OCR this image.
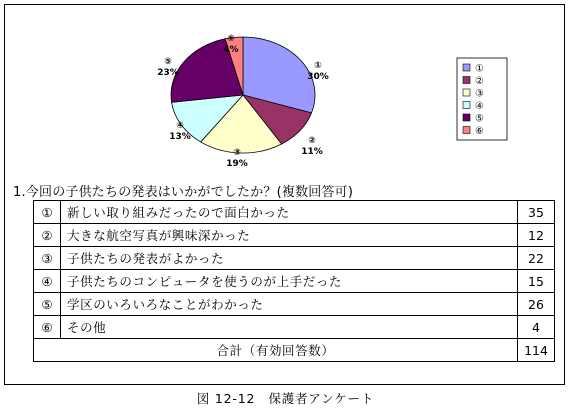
①
30%
②
11%
③
19%
④
13%
⑤
23%
⑥
4%
①
②
③
④
⑤
⑥
1.今回の子供たちの発表はいかがでしたか？(複数回答可)
①	新しい取り組みだったので面白かった	35
②	大きな航空写真が興味深かった	12
③	子供たちの発表がよかった	22
④	子供たちのコンピュータを使うのが上手だった	15
⑤	学区のいろいろなことがわかった	26
⑥	その他	4
合計（有効回答数）		114
図 12-12　保護者アンケート
